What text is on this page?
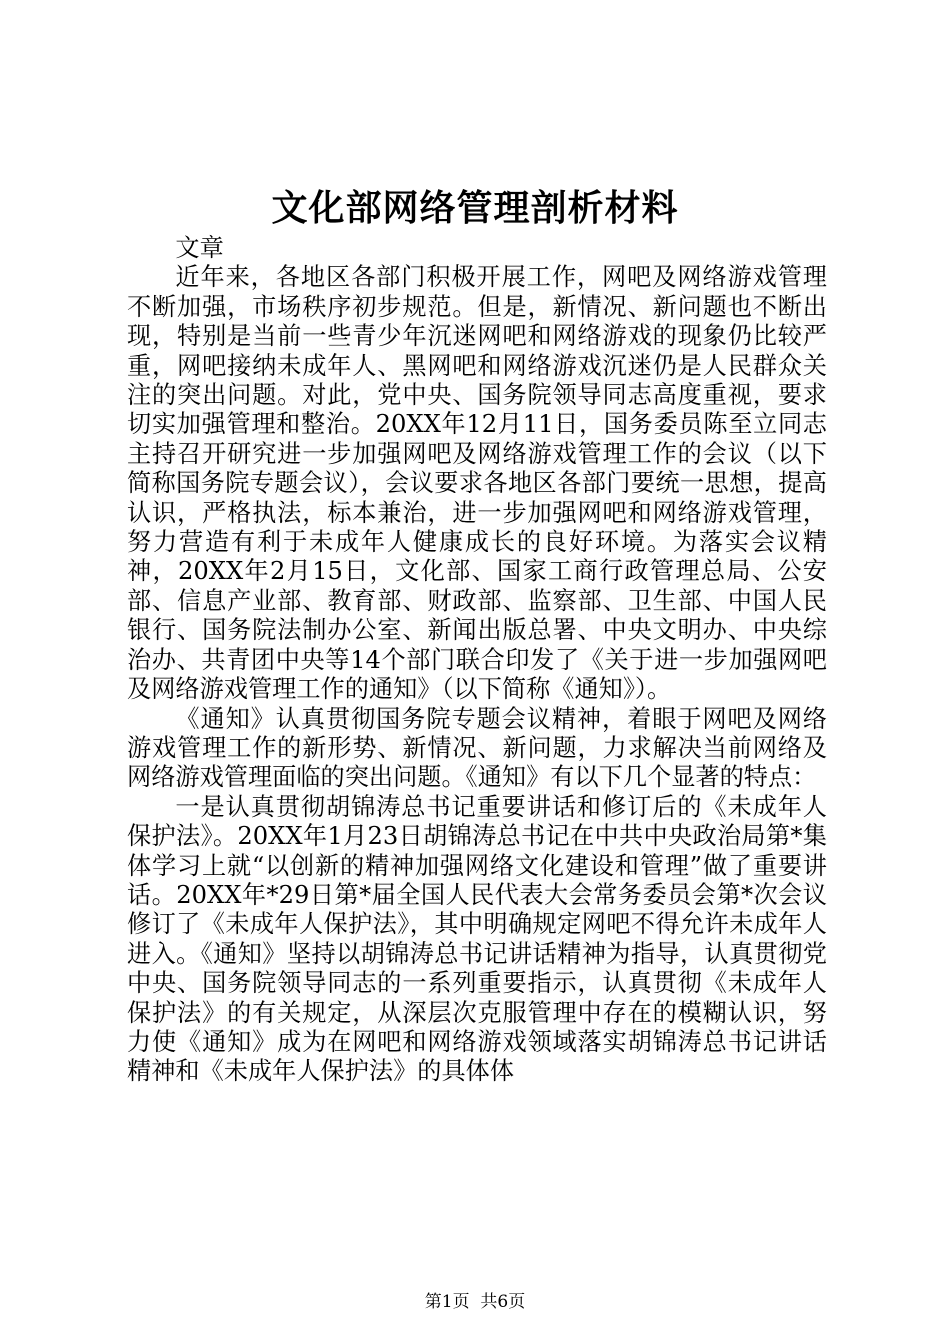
文化部网络管理剖析材料

文章

近年来，各地区各部门积极开展工作，网吧及网络游戏管理不断加强，市场秩序初步规范。但是，新情况、新问题也不断出现，特别是当前一些青少年沉迷网吧和网络游戏的现象仍比较严重，网吧接纳未成年人、黑网吧和网络游戏沉迷仍是人民群众关注的突出问题。对此，党中央、国务院领导同志高度重视，要求切实加强管理和整治。20XX年12月11日，国务委员陈至立同志主持召开研究进一步加强网吧及网络游戏管理工作的会议（以下简称国务院专题会议），会议要求各地区各部门要统一思想，提高认识，严格执法，标本兼治，进一步加强网吧和网络游戏管理，努力营造有利于未成年人健康成长的良好环境。为落实会议精神，20XX年2月15日，文化部、国家工商行政管理总局、公安部、信息产业部、教育部、财政部、监察部、卫生部、中国人民银行、国务院法制办公室、新闻出版总署、中央文明办、中央综治办、共青团中央等14个部门联合印发了《关于进一步加强网吧及网络游戏管理工作的通知》（以下简称《通知》）。

《通知》认真贯彻国务院专题会议精神，着眼于网吧及网络游戏管理工作的新形势、新情况、新问题，力求解决当前网络及网络游戏管理面临的突出问题。《通知》有以下几个显著的特点：

一是认真贯彻胡锦涛总书记重要讲话和修订后的《未成年人保护法》。20XX年1月23日胡锦涛总书记在中共中央政治局第*集体学习上就“以创新的精神加强网络文化建设和管理”做了重要讲话。20XX年*29日第*届全国人民代表大会常务委员会第*次会议修订了《未成年人保护法》，其中明确规定网吧不得允许未成年人进入。《通知》坚持以胡锦涛总书记讲话精神为指导，认真贯彻党中央、国务院领导同志的一系列重要指示，认真贯彻《未成年人保护法》的有关规定，从深层次克服管理中存在的模糊认识，努力使《通知》成为在网吧和网络游戏领域落实胡锦涛总书记讲话精神和《未成年人保护法》的具体体

第1页  共6页
